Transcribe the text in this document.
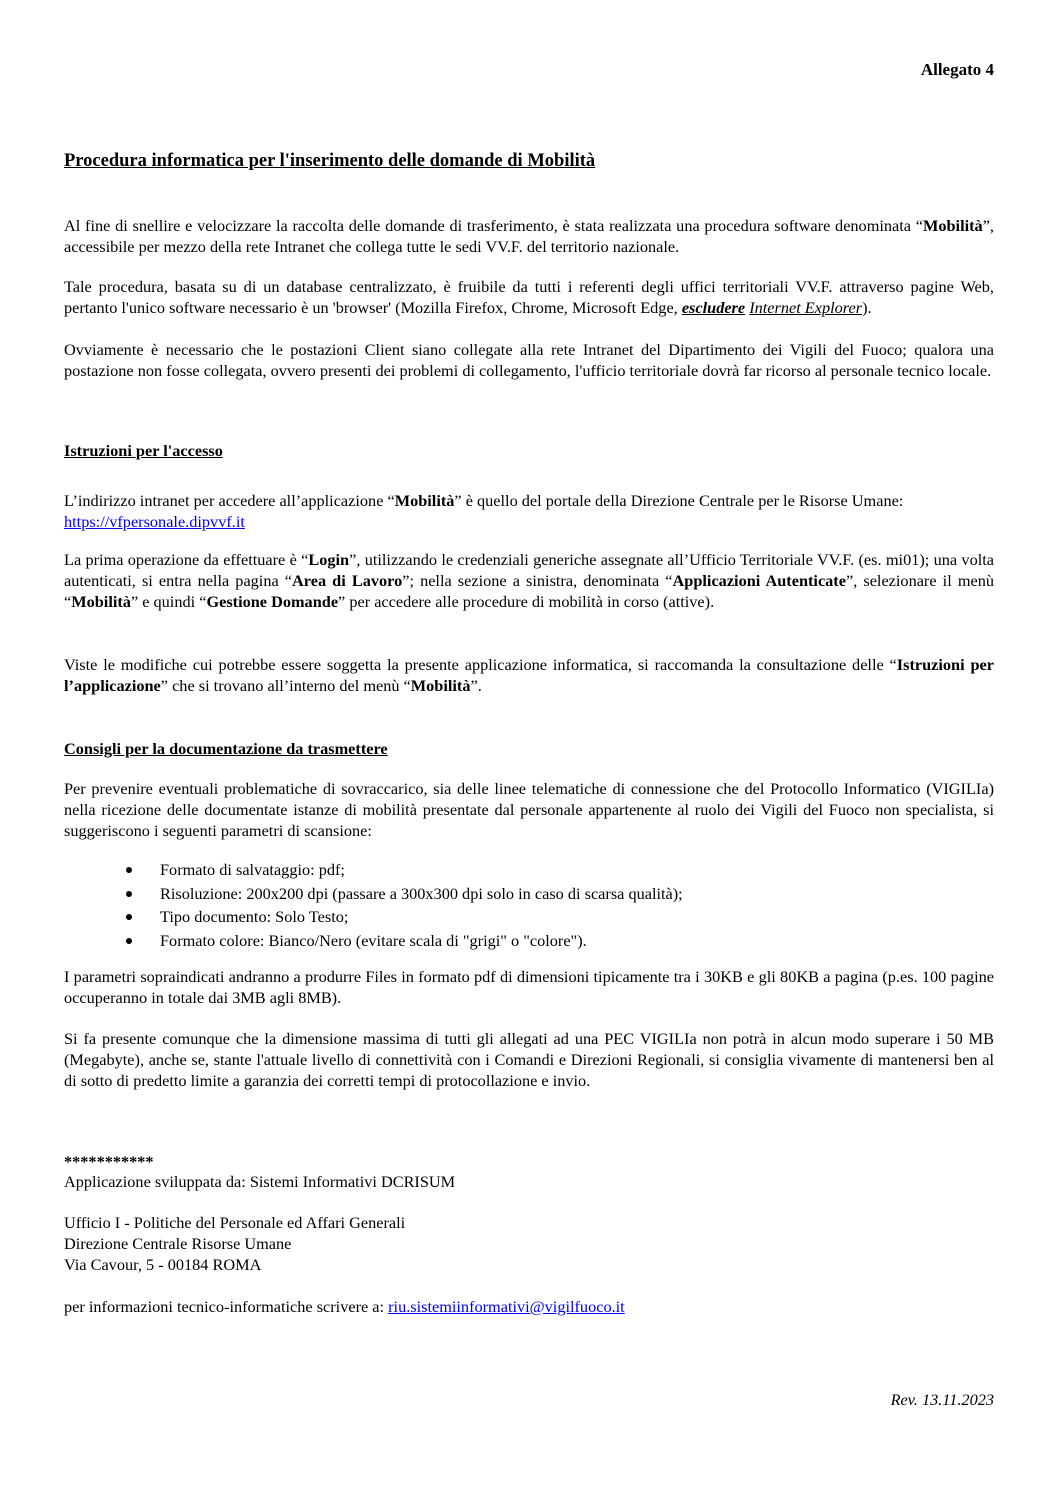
Allegato 4
Procedura informatica per l'inserimento delle domande di Mobilità

Al fine di snellire e velocizzare la raccolta delle domande di trasferimento, è stata realizzata una procedura software denominata “Mobilità”, accessibile per mezzo della rete Intranet che collega tutte le sedi VV.F. del territorio nazionale.

Tale procedura, basata su di un database centralizzato, è fruibile da tutti i referenti degli uffici territoriali VV.F. attraverso pagine Web, pertanto l'unico software necessario è un 'browser' (Mozilla Firefox, Chrome, Microsoft Edge, escludere Internet Explorer).

Ovviamente è necessario che le postazioni Client siano collegate alla rete Intranet del Dipartimento dei Vigili del Fuoco; qualora una postazione non fosse collegata, ovvero presenti dei problemi di collegamento, l'ufficio territoriale dovrà far ricorso al personale tecnico locale.

Istruzioni per l'accesso

L’indirizzo intranet per accedere all’applicazione “Mobilità” è quello del portale della Direzione Centrale per le Risorse Umane:
https://vfpersonale.dipvvf.it

La prima operazione da effettuare è “Login”, utilizzando le credenziali generiche assegnate all’Ufficio Territoriale VV.F. (es. mi01); una volta autenticati, si entra nella pagina “Area di Lavoro”; nella sezione a sinistra, denominata “Applicazioni Autenticate”, selezionare il menù “Mobilità” e quindi “Gestione Domande” per accedere alle procedure di mobilità in corso (attive).

Viste le modifiche cui potrebbe essere soggetta la presente applicazione informatica, si raccomanda la consultazione delle “Istruzioni per l’applicazione” che si trovano all’interno del menù “Mobilità”.

Consigli per la documentazione da trasmettere

Per prevenire eventuali problematiche di sovraccarico, sia delle linee telematiche di connessione che del Protocollo Informatico (VIGILIa) nella ricezione delle documentate istanze di mobilità presentate dal personale appartenente al ruolo dei Vigili del Fuoco non specialista, si suggeriscono i seguenti parametri di scansione:

Formato di salvataggio: pdf;
Risoluzione: 200x200 dpi (passare a 300x300 dpi solo in caso di scarsa qualità);
Tipo documento: Solo Testo;
Formato colore: Bianco/Nero (evitare scala di "grigi" o "colore").

I parametri sopraindicati andranno a produrre Files in formato pdf di dimensioni tipicamente tra i 30KB e gli 80KB a pagina (p.es. 100 pagine occuperanno in totale dai 3MB agli 8MB).

Si fa presente comunque che la dimensione massima di tutti gli allegati ad una PEC VIGILIa non potrà in alcun modo superare i 50 MB (Megabyte), anche se, stante l'attuale livello di connettività con i Comandi e Direzioni Regionali, si consiglia vivamente di mantenersi ben al di sotto di predetto limite a garanzia dei corretti tempi di protocollazione e invio.

***********
Applicazione sviluppata da: Sistemi Informativi DCRISUM
Ufficio I - Politiche del Personale ed Affari Generali
Direzione Centrale Risorse Umane
Via Cavour, 5 - 00184 ROMA
per informazioni tecnico-informatiche scrivere a: riu.sistemiinformativi@vigilfuoco.it
Rev. 13.11.2023
